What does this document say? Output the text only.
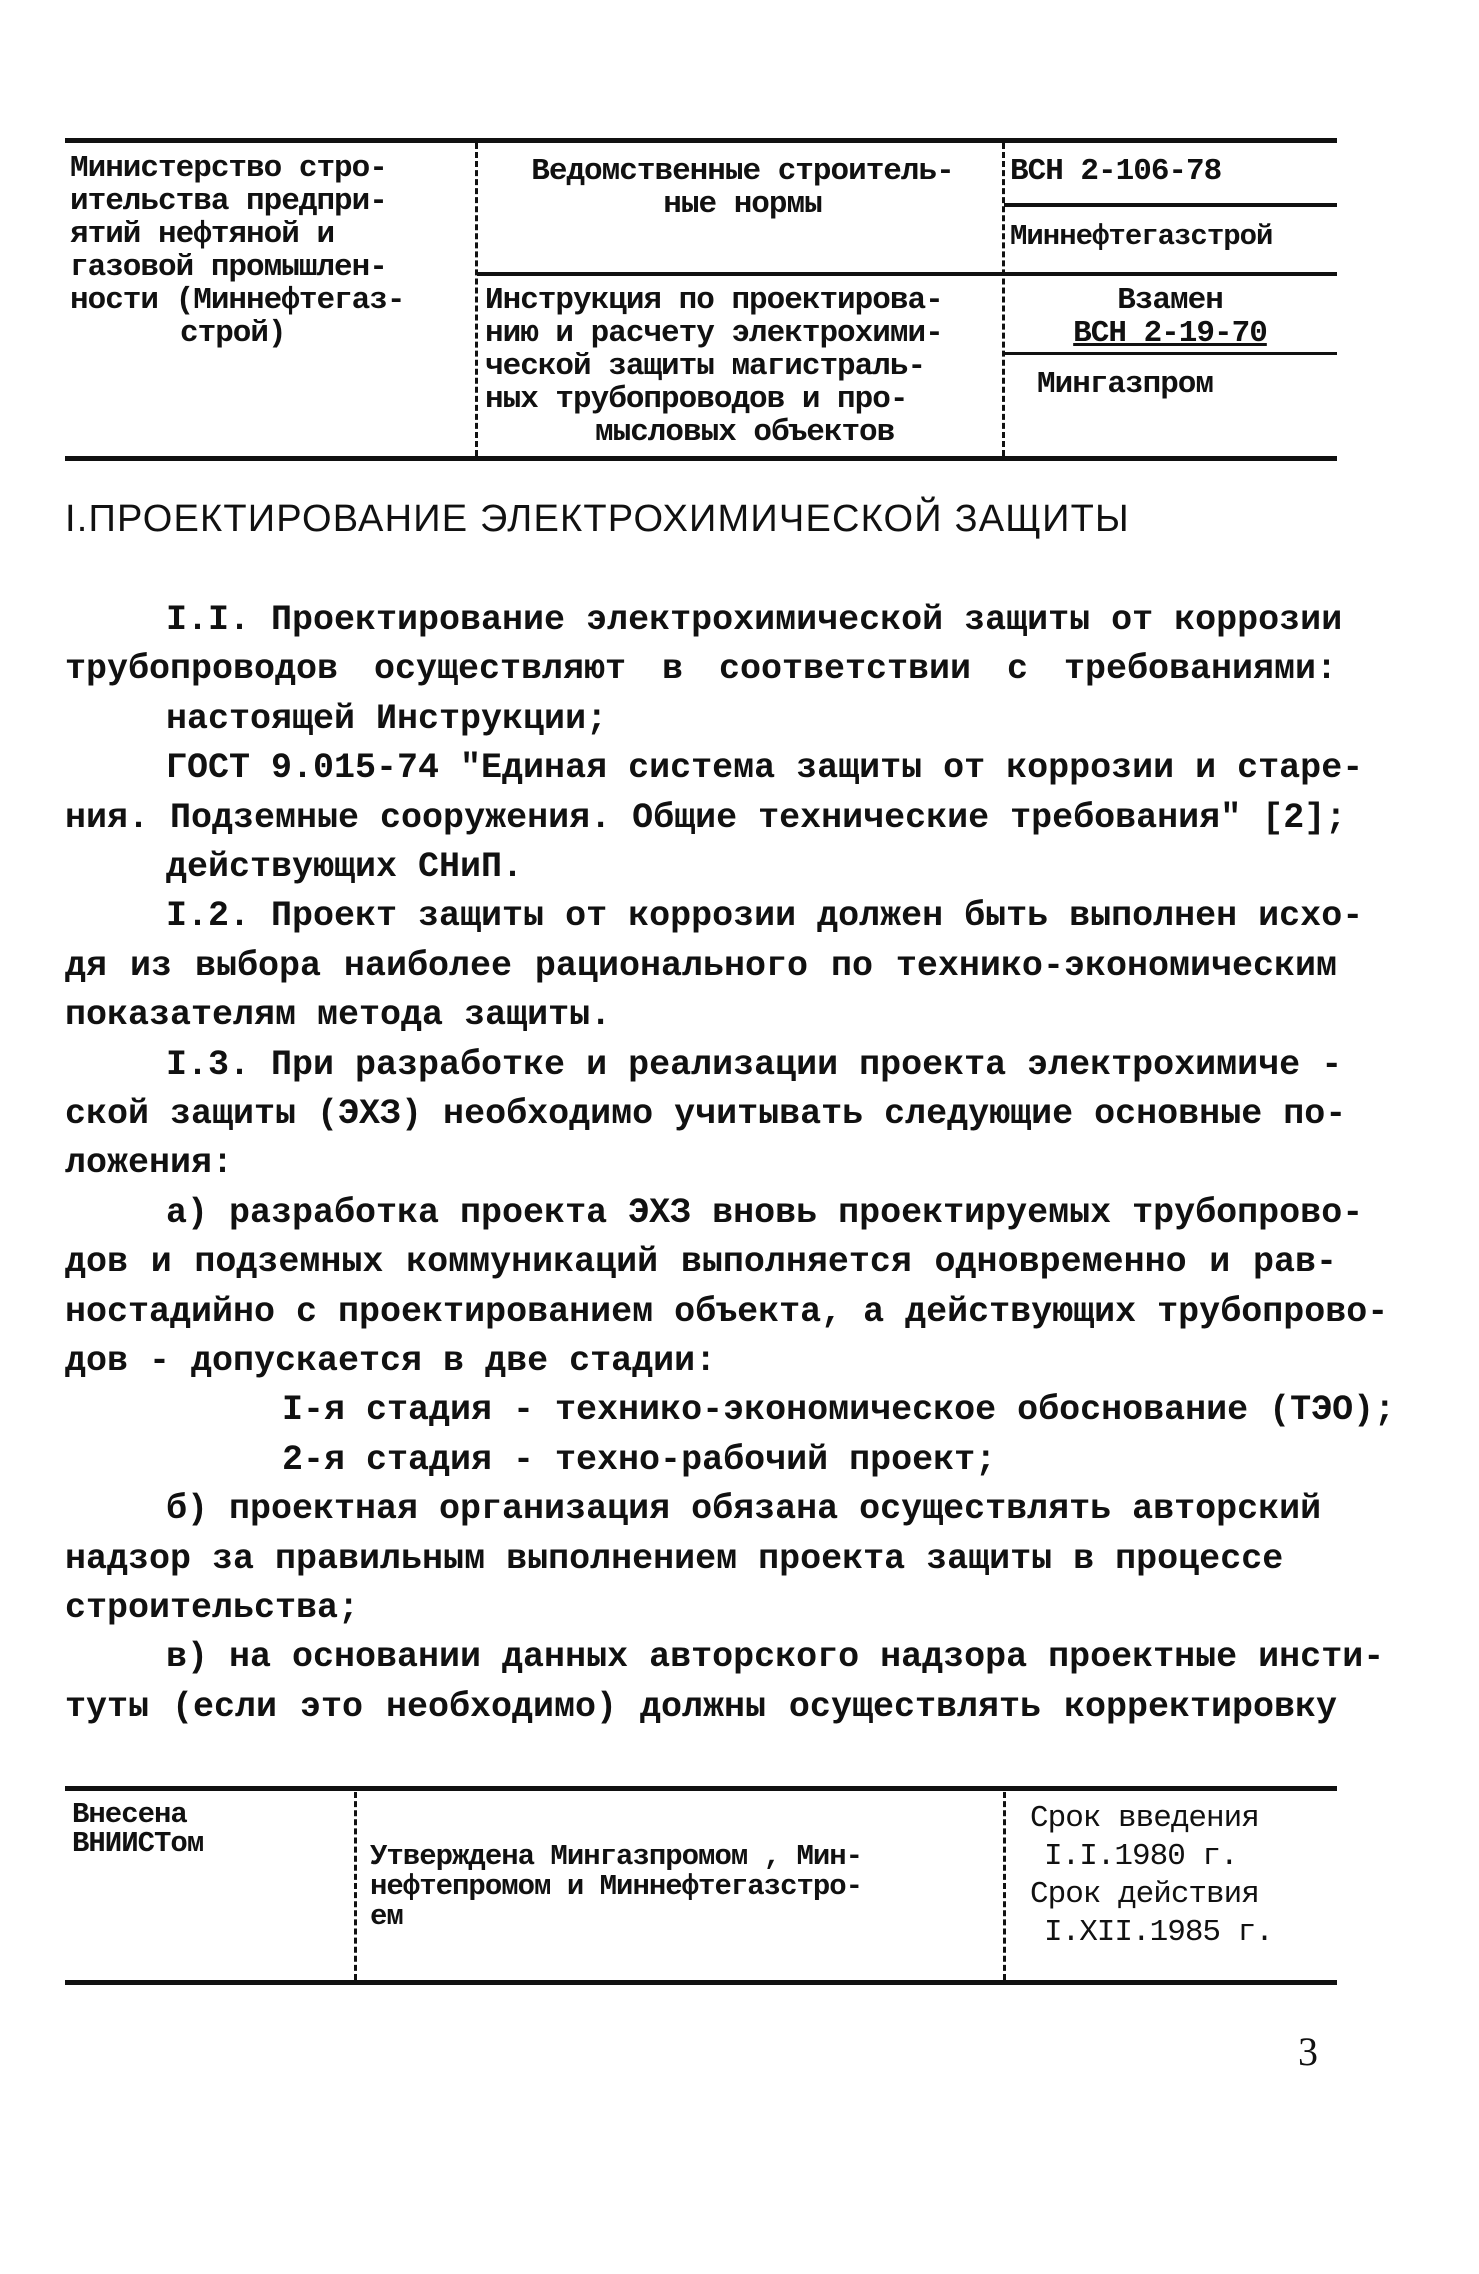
Министерство стро-
ительства предпри-
ятий нефтяной и
газовой промышлен-
ности (Миннефтегаз-
строй)
Ведомственные строитель-
ные нормы
ВСН 2-106-78
Миннефтегазстрой
Инструкция по проектирова-
нию и расчету электрохими-
ческой защиты магистраль-
ных трубопроводов и про-
мысловых объектов
Взамен
ВСН 2-19-70
Мингазпром
I.ПРОЕКТИРОВАНИЕ ЭЛЕКТРОХИМИЧЕСКОЙ ЗАЩИТЫ
I.I. Проектирование электрохимической защиты от коррозии
трубопроводов осуществляют в соответствии с требованиями:
настоящей Инструкции;
ГОСТ 9.015-74 "Единая система защиты от коррозии и старе-
ния. Подземные сооружения. Общие технические требования" [2];
действующих СНиП.
I.2. Проект защиты от коррозии должен быть выполнен исхо-
дя из выбора наиболее рационального по технико-экономическим
показателям метода защиты.
I.3. При разработке и реализации проекта электрохимиче -
ской защиты (ЭХЗ) необходимо учитывать следующие основные по-
ложения:
а) разработка проекта ЭХЗ вновь проектируемых трубопрово-
дов и подземных коммуникаций выполняется одновременно и рав-
ностадийно с проектированием объекта, а действующих трубопрово-
дов - допускается в две стадии:
I-я стадия - технико-экономическое обоснование (ТЭО);
2-я стадия - техно-рабочий проект;
б) проектная организация обязана осуществлять авторский
надзор за правильным выполнением проекта защиты в процессе
строительства;
в) на основании данных авторского надзора проектные инсти-
туты (если это необходимо) должны осуществлять корректировку
Внесена
ВНИИСТом	Утверждена Мингазпромом , Мин-
нефтепромом и Миннефтегазстро-
ем
Срок введения
I.I.1980 г.
Срок действия
I.XII.1985 г.
3
